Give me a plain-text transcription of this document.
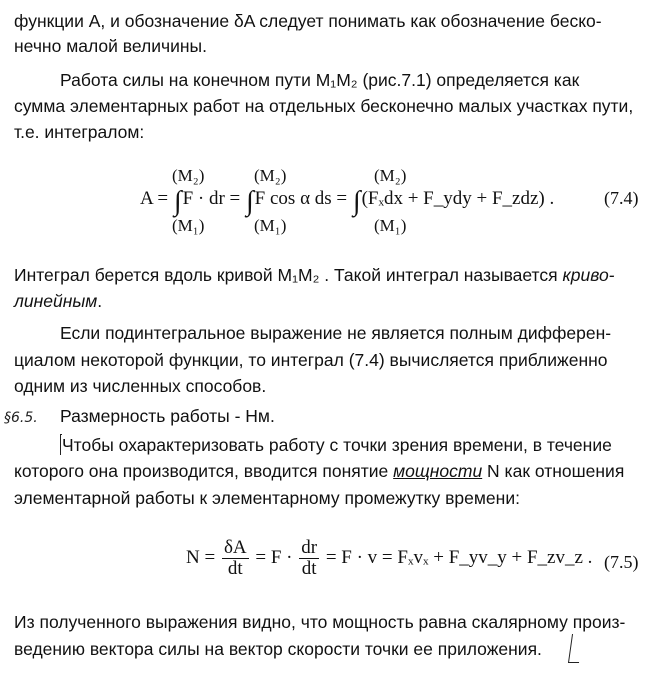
функции A, и обозначение δA следует понимать как обозначение беско-
нечно малой величины.
Работа силы на конечном пути M₁M₂ (рис.7.1) определяется как
сумма элементарных работ на отдельных бесконечно малых участках пути,
т.е. интегралом:
(M₂)	(M₂)	(M₂)
A = ∫F · dr = ∫F cos α ds = ∫(Fₓdx + F_ydy + F_zdz) .
(M₁)	(M₁)	(M₁)
(7.4)
Интеграл берется вдоль кривой M₁M₂ . Такой интеграл называется криво-
линейным.
Если подинтегральное выражение не является полным дифферен-
циалом некоторой функции, то интеграл (7.4) вычисляется приближенно
одним из численных способов.
§6.5. Размерность работы - Нм.
Чтобы охарактеризовать работу с точки зрения времени, в течение
которого она производится, вводится понятие мощности N как отношения
элементарной работы к элементарному промежутку времени:
$N = \frac{\delta A}{dt} = F \cdot \frac{dr}{dt} = F \cdot v = F_xv_x$ + F_yv_y + F_zv_z . (7.5)
Из полученного выражения видно, что мощность равна скалярному произ-
ведению вектора силы на вектор скорости точки ее приложения.
